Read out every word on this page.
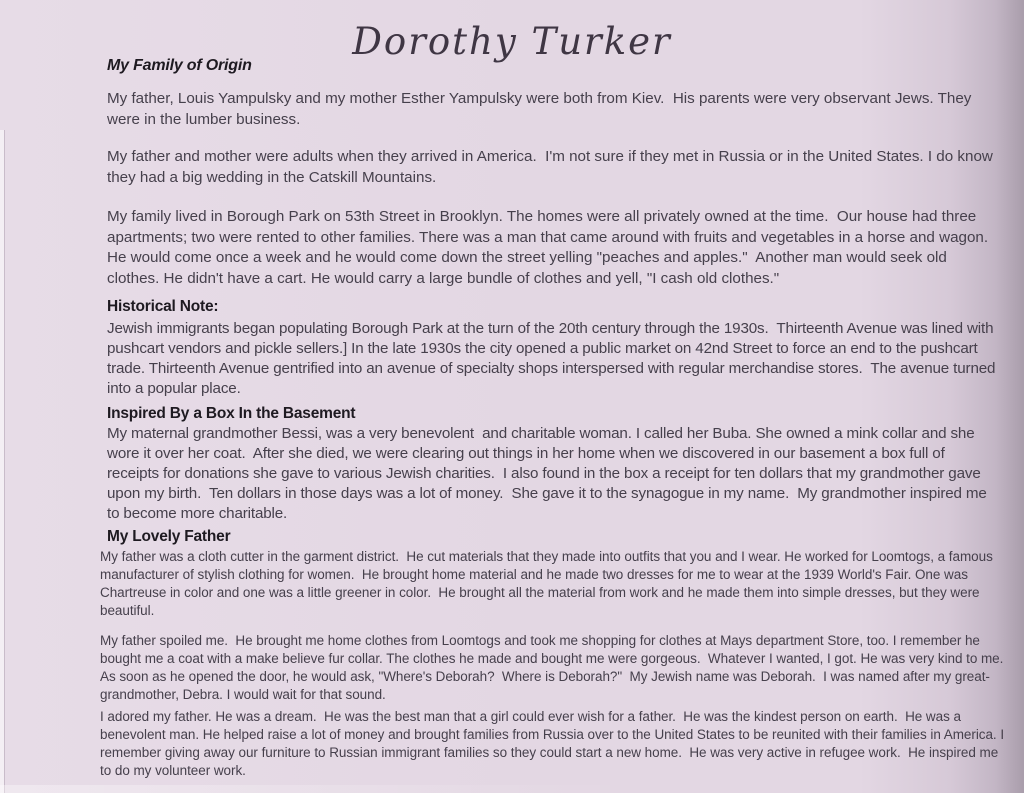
Dorothy Turker
My Family of Origin

My father, Louis Yampulsky and my mother Esther Yampulsky were both from Kiev.  His parents were very observant Jews. They were in the lumber business.

My father and mother were adults when they arrived in America.  I'm not sure if they met in Russia or in the United States. I do know they had a big wedding in the Catskill Mountains.

My family lived in Borough Park on 53th Street in Brooklyn. The homes were all privately owned at the time.  Our house had three apartments; two were rented to other families. There was a man that came around with fruits and vegetables in a horse and wagon.  He would come once a week and he would come down the street yelling "peaches and apples."  Another man would seek old clothes. He didn't have a cart. He would carry a large bundle of clothes and yell, "I cash old clothes."

Historical Note:

Jewish immigrants began populating Borough Park at the turn of the 20th century through the 1930s.  Thirteenth Avenue was lined with pushcart vendors and pickle sellers.] In the late 1930s the city opened a public market on 42nd Street to force an end to the pushcart trade. Thirteenth Avenue gentrified into an avenue of specialty shops interspersed with regular merchandise stores.  The avenue turned into a popular place.

Inspired By a Box In the Basement

My maternal grandmother Bessi, was a very benevolent  and charitable woman. I called her Buba. She owned a mink collar and she wore it over her coat.  After she died, we were clearing out things in her home when we discovered in our basement a box full of receipts for donations she gave to various Jewish charities.  I also found in the box a receipt for ten dollars that my grandmother gave upon my birth.  Ten dollars in those days was a lot of money.  She gave it to the synagogue in my name.  My grandmother inspired me to become more charitable.

My Lovely Father

My father was a cloth cutter in the garment district.  He cut materials that they made into outfits that you and I wear. He worked for Loomtogs, a famous manufacturer of stylish clothing for women.  He brought home material and he made two dresses for me to wear at the 1939 World's Fair. One was Chartreuse in color and one was a little greener in color.  He brought all the material from work and he made them into simple dresses, but they were beautiful.

My father spoiled me.  He brought me home clothes from Loomtogs and took me shopping for clothes at Mays department Store, too. I remember he bought me a coat with a make believe fur collar. The clothes he made and bought me were gorgeous.  Whatever I wanted, I got. He was very kind to me.  As soon as he opened the door, he would ask, "Where's Deborah?  Where is Deborah?"  My Jewish name was Deborah.  I was named after my great-grandmother, Debra. I would wait for that sound.

I adored my father. He was a dream.  He was the best man that a girl could ever wish for a father.  He was the kindest person on earth.  He was a benevolent man. He helped raise a lot of money and brought families from Russia over to the United States to be reunited with their families in America. I remember giving away our furniture to Russian immigrant families so they could start a new home.  He was very active in refugee work.  He inspired me to do my volunteer work.
